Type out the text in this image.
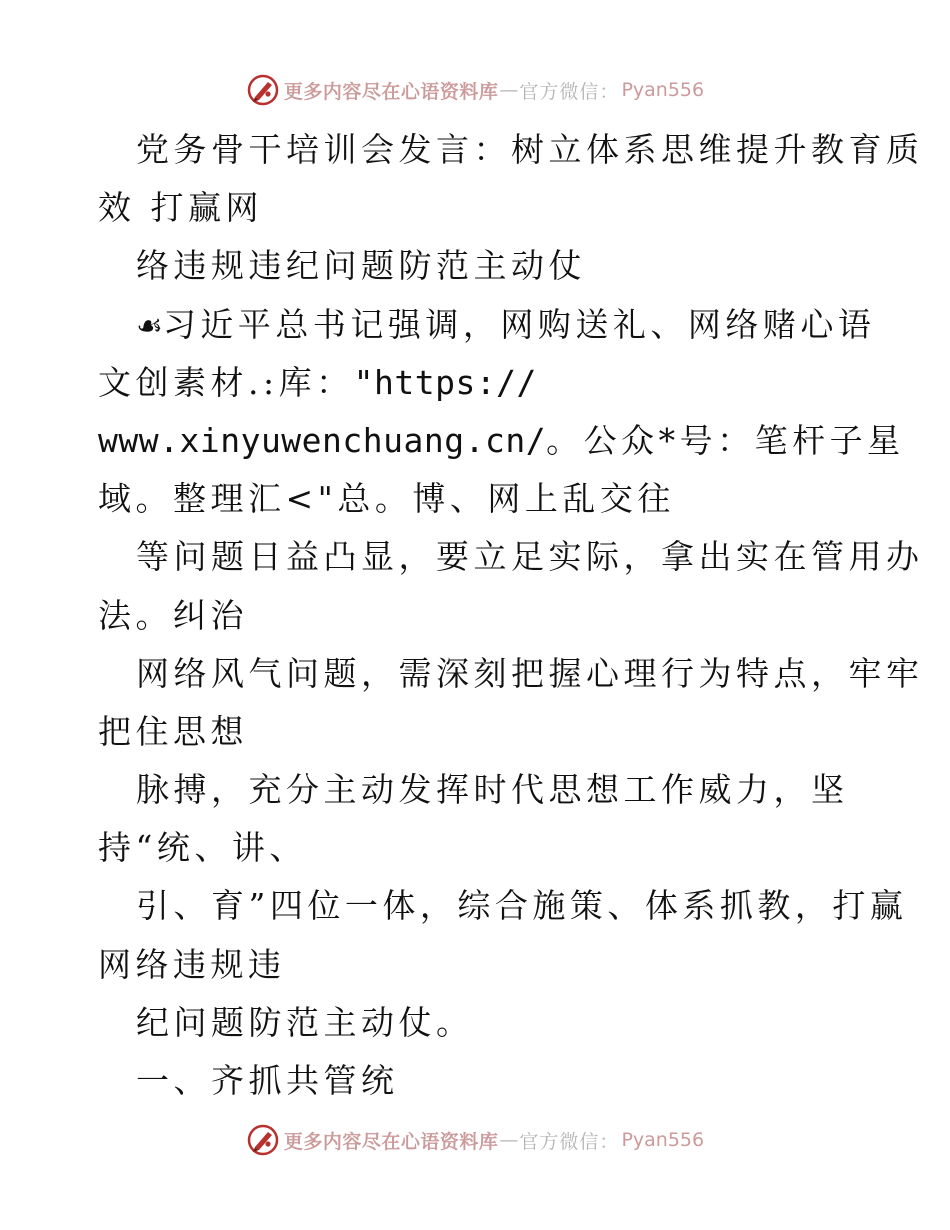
更多内容尽在心语资料库 — 官方微信： Pyan556
党务骨干培训会发言：树立体系思维提升教育质
效 打赢网
络违规违纪问题防范主动仗
☙习近平总书记强调，网购送礼、网络赌心语
文创素材.:库："https://
www.xinyuwenchuang.cn/。公众*号：笔杆子星
域。整理汇<"总。博、网上乱交往
等问题日益凸显，要立足实际，拿出实在管用办
法。纠治
网络风气问题，需深刻把握心理行为特点，牢牢
把住思想
脉搏，充分主动发挥时代思想工作威力，坚
持“统、讲、
引、育”四位一体，综合施策、体系抓教，打赢
网络违规违
纪问题防范主动仗。
一、齐抓共管统
更多内容尽在心语资料库 — 官方微信： Pyan556
